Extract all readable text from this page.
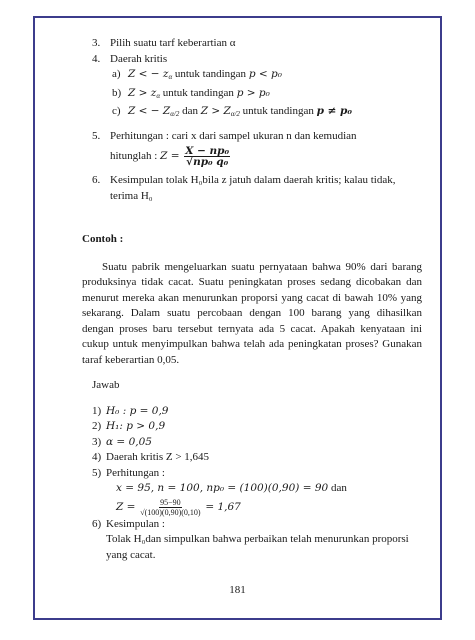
3. Pilih suatu tarf keberartian α
4. Daerah kritis
a) Z < − zα untuk tandingan p < p₀
b) Z > zα untuk tandingan p > p₀
c) Z < − Zα/2 dan Z > Zα/2 untuk tandingan p ≠ p₀
5. Perhitungan : cari x dari sampel ukuran n dan kemudian
hitunglah : $Z = \frac{\text{X − np₀}}{\text{√np₀ q₀}}$
6. Kesimpulan tolak H₀bila z jatuh dalam daerah kritis; kalau tidak,
terima H₀
Contoh :

Suatu pabrik mengeluarkan suatu pernyataan bahwa 90% dari barang produksinya tidak cacat. Suatu peningkatan proses sedang dicobakan dan menurut mereka akan menurunkan proporsi yang cacat di bawah 10% yang sekarang. Dalam suatu percobaan dengan 100 barang yang dihasilkan dengan proses baru tersebut ternyata ada 5 cacat. Apakah kenyataan ini cukup untuk menyimpulkan bahwa telah ada peningkatan proses? Gunakan taraf keberartian 0,05.

Jawab
1) H₀ : p = 0,9
2) H₁: p > 0,9
3) α = 0,05
4) Daerah kritis Z > 1,645
5) Perhitungan :
x = 95, n = 100, np₀ = (100)(0,90) = 90 dan
$Z = \frac{95-90}{√(100)(0,90)(0,10)} = 1,67$
6) Kesimpulan :
Tolak H₀dan simpulkan bahwa perbaikan telah menurunkan proporsi yang cacat.
181
